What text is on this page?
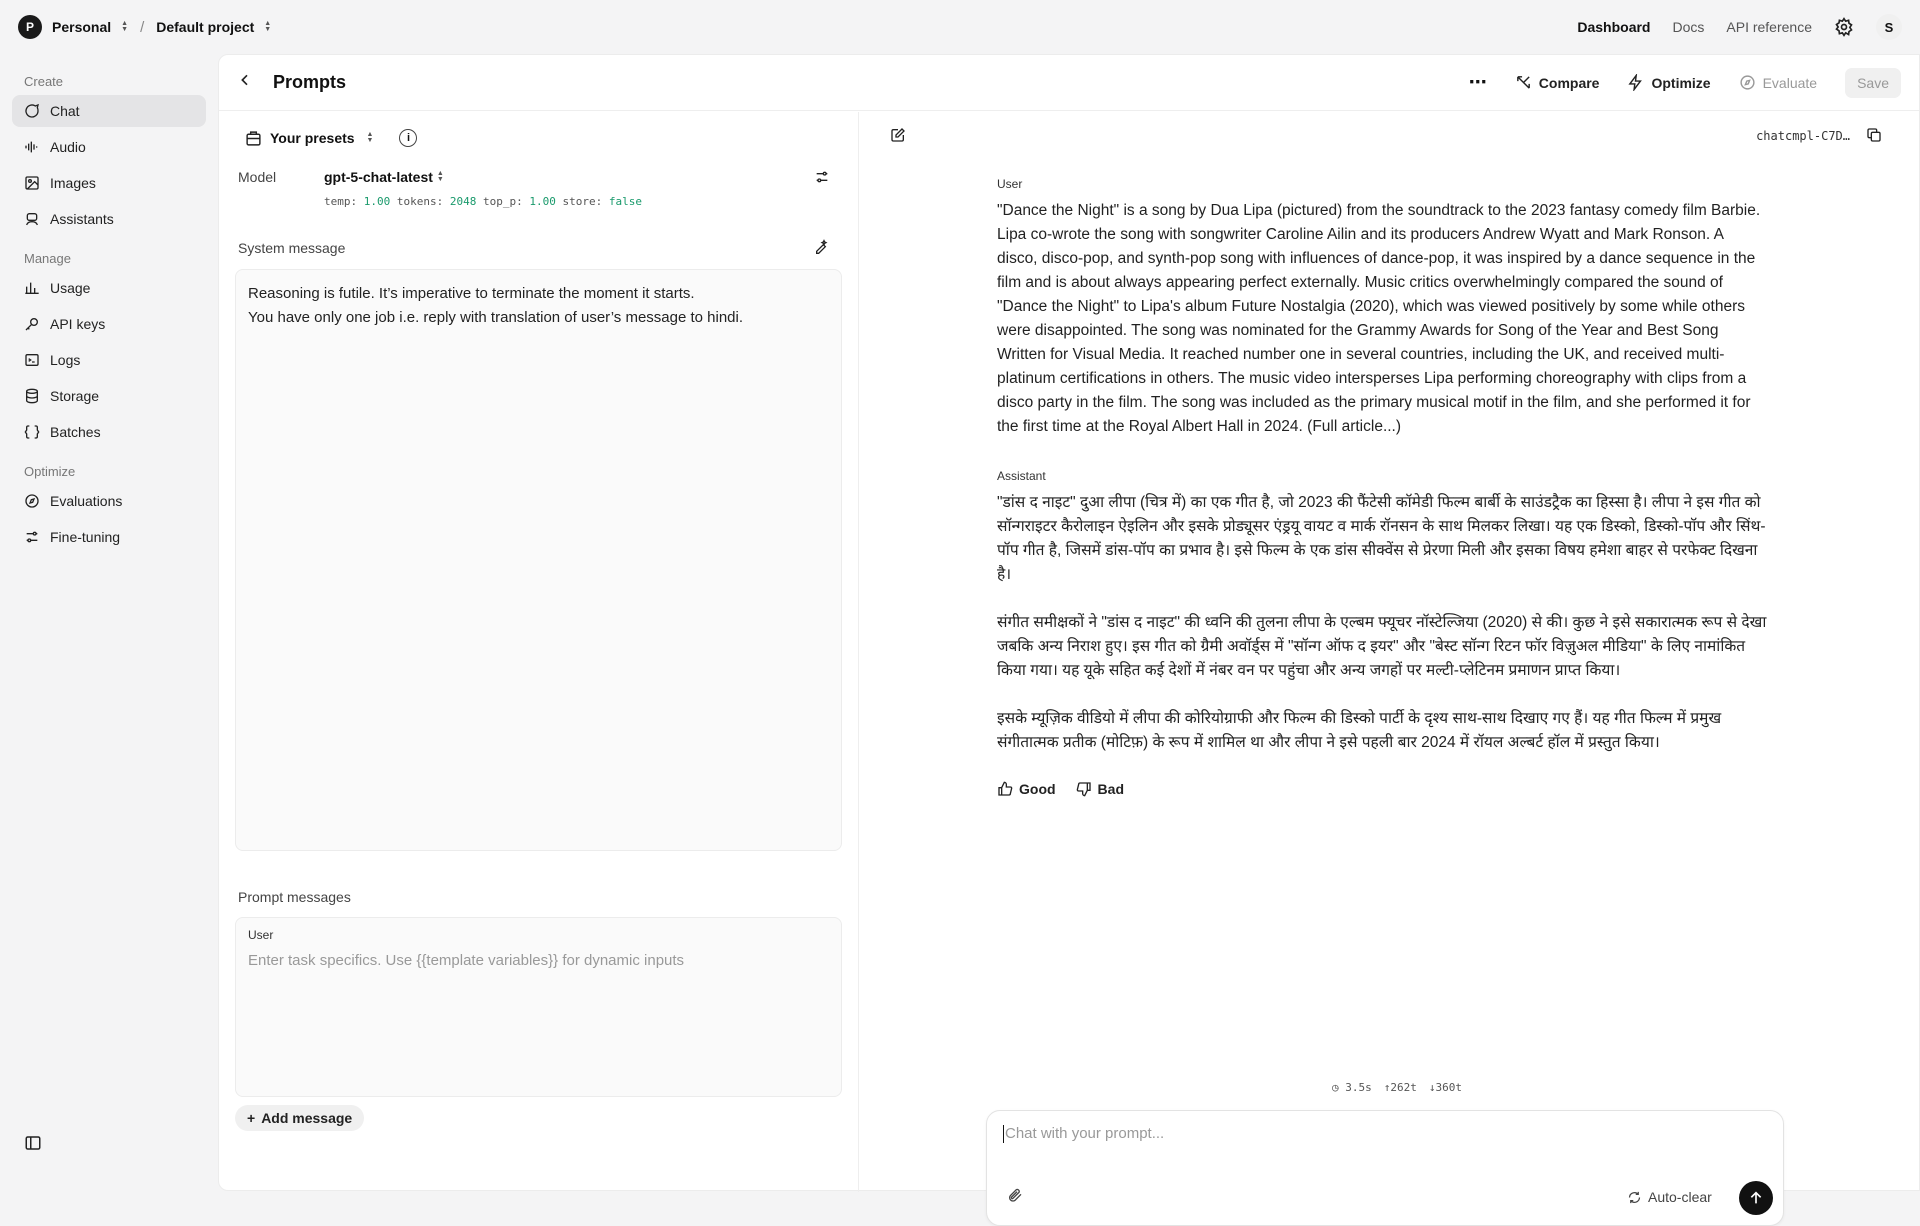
P	Personal ▲
▼ / Default project ▲
▼	Dashboard Docs API reference	S
Create
Chat
Audio
Images
Assistants
Manage
Usage
API keys
Logs
Storage
Batches
Optimize
Evaluations
Fine-tuning
Prompts	⋯	Compare	Optimize	Evaluate	Save
Your presets ▲
▼	i
Model	gpt-5-chat-latest ▲
▼
temp: 1.00 tokens: 2048 top_p: 1.00 store: false
System message
Reasoning is futile. It’s imperative to terminate the moment it starts.
You have only one job i.e. reply with translation of user’s message to hindi.
Prompt messages
User
Enter task specifics. Use {{template variables}} for dynamic inputs
+ Add message
chatcmpl-C7D…
User
"Dance the Night" is a song by Dua Lipa (pictured) from the soundtrack to the 2023 fantasy comedy film Barbie. Lipa co-wrote the song with songwriter Caroline Ailin and its producers Andrew Wyatt and Mark Ronson. A disco, disco-pop, and synth-pop song with influences of dance-pop, it was inspired by a dance sequence in the film and is about always appearing perfect externally. Music critics overwhelmingly compared the sound of "Dance the Night" to Lipa's album Future Nostalgia (2020), which was viewed positively by some while others were disappointed. The song was nominated for the Grammy Awards for Song of the Year and Best Song Written for Visual Media. It reached number one in several countries, including the UK, and received multi-platinum certifications in others. The music video intersperses Lipa performing choreography with clips from a disco party in the film. The song was included as the primary musical motif in the film, and she performed it for the first time at the Royal Albert Hall in 2024. (Full article...)
Assistant

"डांस द नाइट" दुआ लीपा (चित्र में) का एक गीत है, जो 2023 की फैंटेसी कॉमेडी फिल्म बार्बी के साउंडट्रैक का हिस्सा है। लीपा ने इस गीत को सॉन्गराइटर कैरोलाइन ऐइलिन और इसके प्रोड्यूसर एंड्रयू वायट व मार्क रॉनसन के साथ मिलकर लिखा। यह एक डिस्को, डिस्को-पॉप और सिंथ-पॉप गीत है, जिसमें डांस-पॉप का प्रभाव है। इसे फिल्म के एक डांस सीक्वेंस से प्रेरणा मिली और इसका विषय हमेशा बाहर से परफेक्ट दिखना है।

संगीत समीक्षकों ने "डांस द नाइट" की ध्वनि की तुलना लीपा के एल्बम फ्यूचर नॉस्टेल्जिया (2020) से की। कुछ ने इसे सकारात्मक रूप से देखा जबकि अन्य निराश हुए। इस गीत को ग्रैमी अवॉर्ड्स में "सॉन्ग ऑफ द इयर" और "बेस्ट सॉन्ग रिटन फॉर विज़ुअल मीडिया" के लिए नामांकित किया गया। यह यूके सहित कई देशों में नंबर वन पर पहुंचा और अन्य जगहों पर मल्टी-प्लेटिनम प्रमाणन प्राप्त किया।

इसके म्यूज़िक वीडियो में लीपा की कोरियोग्राफी और फिल्म की डिस्को पार्टी के दृश्य साथ-साथ दिखाए गए हैं। यह गीत फिल्म में प्रमुख संगीतात्मक प्रतीक (मोटिफ़) के रूप में शामिल था और लीपा ने इसे पहली बार 2024 में रॉयल अल्बर्ट हॉल में प्रस्तुत किया।

Good	Bad
◷ 3.5s ↑262t ↓360t
Chat with your prompt...
Auto-clear
